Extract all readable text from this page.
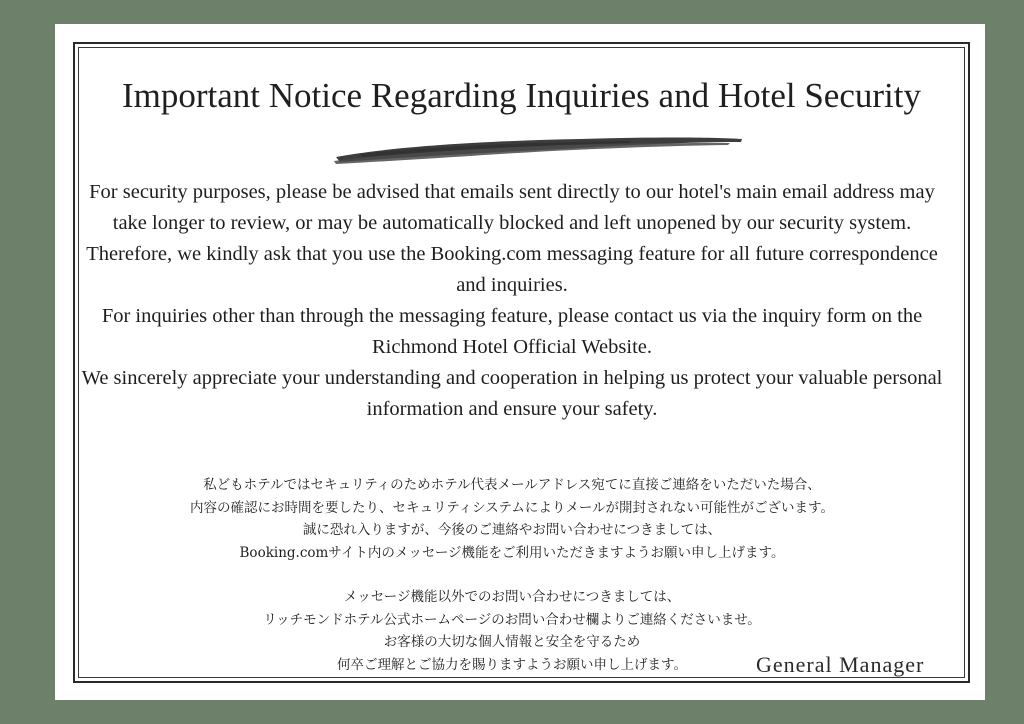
Important Notice Regarding Inquiries and Hotel Security

For security purposes, please be advised that emails sent directly to our hotel's main email address may take longer to review, or may be automatically blocked and left unopened by our security system.

Therefore, we kindly ask that you use the Booking.com messaging feature for all future correspondence and inquiries.

For inquiries other than through the messaging feature, please contact us via the inquiry form on the Richmond Hotel Official Website.

We sincerely appreciate your understanding and cooperation in helping us protect your valuable personal information and ensure your safety.

私どもホテルではセキュリティのためホテル代表メールアドレス宛てに直接ご連絡をいただいた場合、

内容の確認にお時間を要したり、セキュリティシステムによりメールが開封されない可能性がございます。

誠に恐れ入りますが、今後のご連絡やお問い合わせにつきましては、

Booking.comサイト内のメッセージ機能をご利用いただきますようお願い申し上げます。

メッセージ機能以外でのお問い合わせにつきましては、

リッチモンドホテル公式ホームページのお問い合わせ欄よりご連絡くださいませ。

お客様の大切な個人情報と安全を守るため

何卒ご理解とご協力を賜りますようお願い申し上げます。	General Manager
